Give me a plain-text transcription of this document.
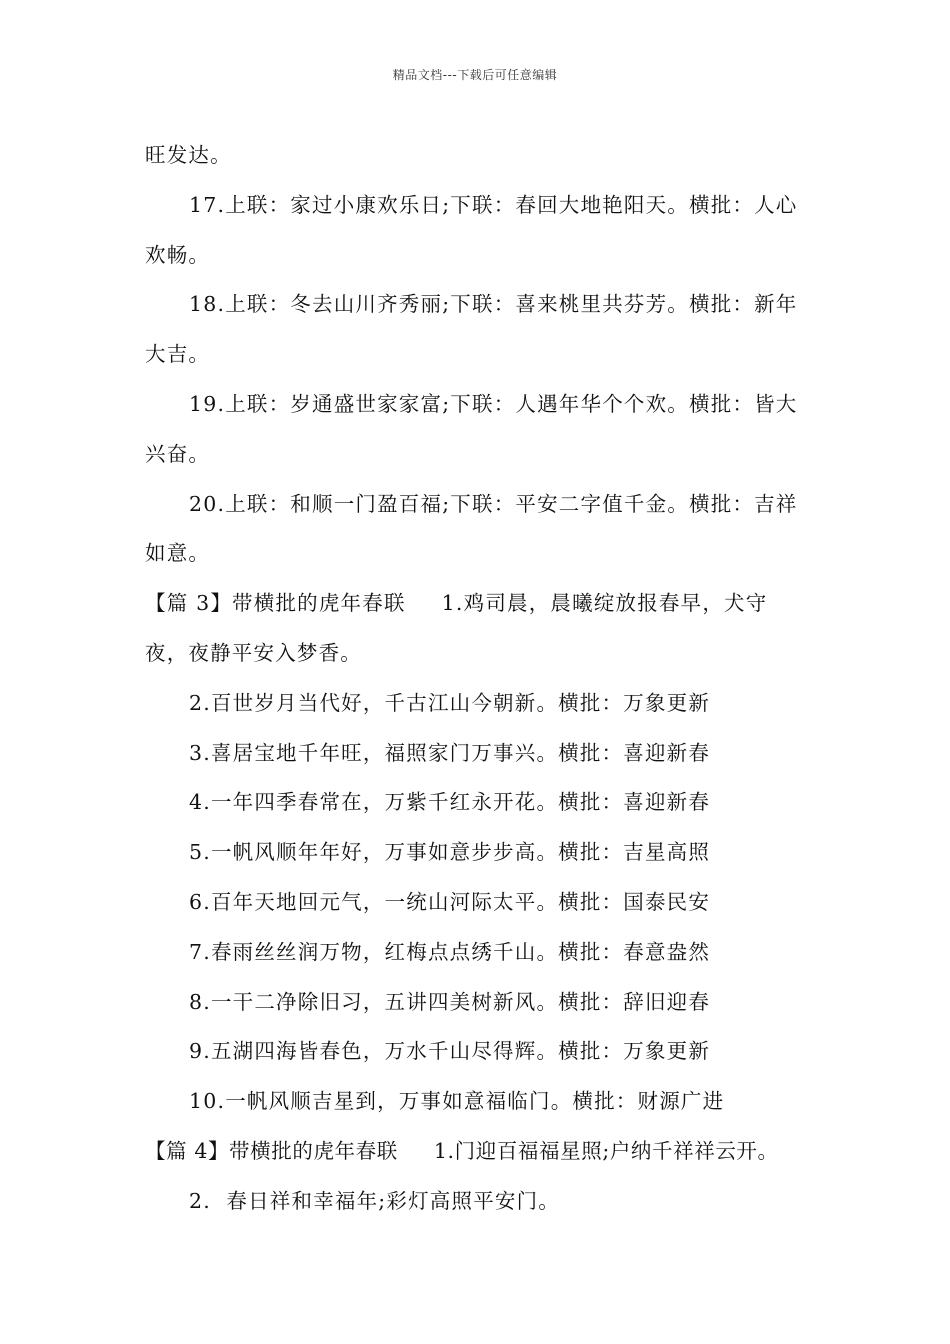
精品文档---下载后可任意编辑

旺发达。

17.上联：家过小康欢乐日;下联：春回大地艳阳天。横批：人心欢畅。

18.上联：冬去山川齐秀丽;下联：喜来桃里共芬芳。横批：新年大吉。

19.上联：岁通盛世家家富;下联：人遇年华个个欢。横批：皆大兴奋。

20.上联：和顺一门盈百福;下联：平安二字值千金。横批：吉祥如意。

【篇 3】带横批的虎年春联 1.鸡司晨，晨曦绽放报春早，犬守夜，夜静平安入梦香。

2.百世岁月当代好，千古江山今朝新。横批：万象更新

3.喜居宝地千年旺，福照家门万事兴。横批：喜迎新春

4.一年四季春常在，万紫千红永开花。横批：喜迎新春

5.一帆风顺年年好，万事如意步步高。横批：吉星高照

6.百年天地回元气，一统山河际太平。横批：国泰民安

7.春雨丝丝润万物，红梅点点绣千山。横批：春意盎然

8.一干二净除旧习，五讲四美树新风。横批：辞旧迎春

9.五湖四海皆春色，万水千山尽得辉。横批：万象更新

10.一帆风顺吉星到，万事如意福临门。横批：财源广进

【篇 4】带横批的虎年春联 1.门迎百福福星照;户纳千祥祥云开。

2.  春日祥和幸福年;彩灯高照平安门。
